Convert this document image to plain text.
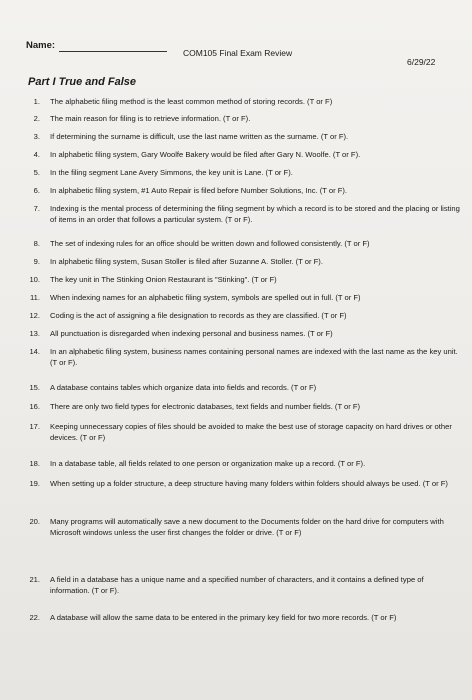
Name:
COM105 Final Exam Review
6/29/22
Part I True and False
1.	The alphabetic filing method is the least common method of storing records. (T or F)
2.	The main reason for filing is to retrieve information. (T or F).
3.	If determining the surname is difficult, use the last name written as the surname. (T or F).
4.	In alphabetic filing system, Gary Woolfe Bakery would be filed after Gary N. Woolfe. (T or F).
5.	In the filing segment Lane Avery Simmons, the key unit is Lane. (T or F).
6.	In alphabetic filing system, #1 Auto Repair is filed before Number Solutions, Inc. (T or F).
7.	Indexing is the mental process of determining the filing segment by which a record is to be stored and the placing or listing of items in an order that follows a particular system. (T or F).
8.	The set of indexing rules for an office should be written down and followed consistently. (T or F)
9.	In alphabetic filing system, Susan Stoller is filed after Suzanne A. Stoller. (T or F).
10.	The key unit in The Stinking Onion Restaurant is "Stinking". (T or F)
11.	When indexing names for an alphabetic filing system, symbols are spelled out in full. (T or F)
12.	Coding is the act of assigning a file designation to records as they are classified. (T or F)
13.	All punctuation is disregarded when indexing personal and business names. (T or F)
14.	In an alphabetic filing system, business names containing personal names are indexed with the last name as the key unit. (T or F).
15.	A database contains tables which organize data into fields and records. (T or F)
16.	There are only two field types for electronic databases, text fields and number fields. (T or F)
17.	Keeping unnecessary copies of files should be avoided to make the best use of storage capacity on hard drives or other devices. (T or F)
18.	In a database table, all fields related to one person or organization make up a record. (T or F).
19.	When setting up a folder structure, a deep structure having many folders within folders should always be used. (T or F)
20.	Many programs will automatically save a new document to the Documents folder on the hard drive for computers with Microsoft windows unless the user first changes the folder or drive. (T or F)
21.	A field in a database has a unique name and a specified number of characters, and it contains a defined type of information. (T or F).
22.	A database will allow the same data to be entered in the primary key field for two more records. (T or F)
